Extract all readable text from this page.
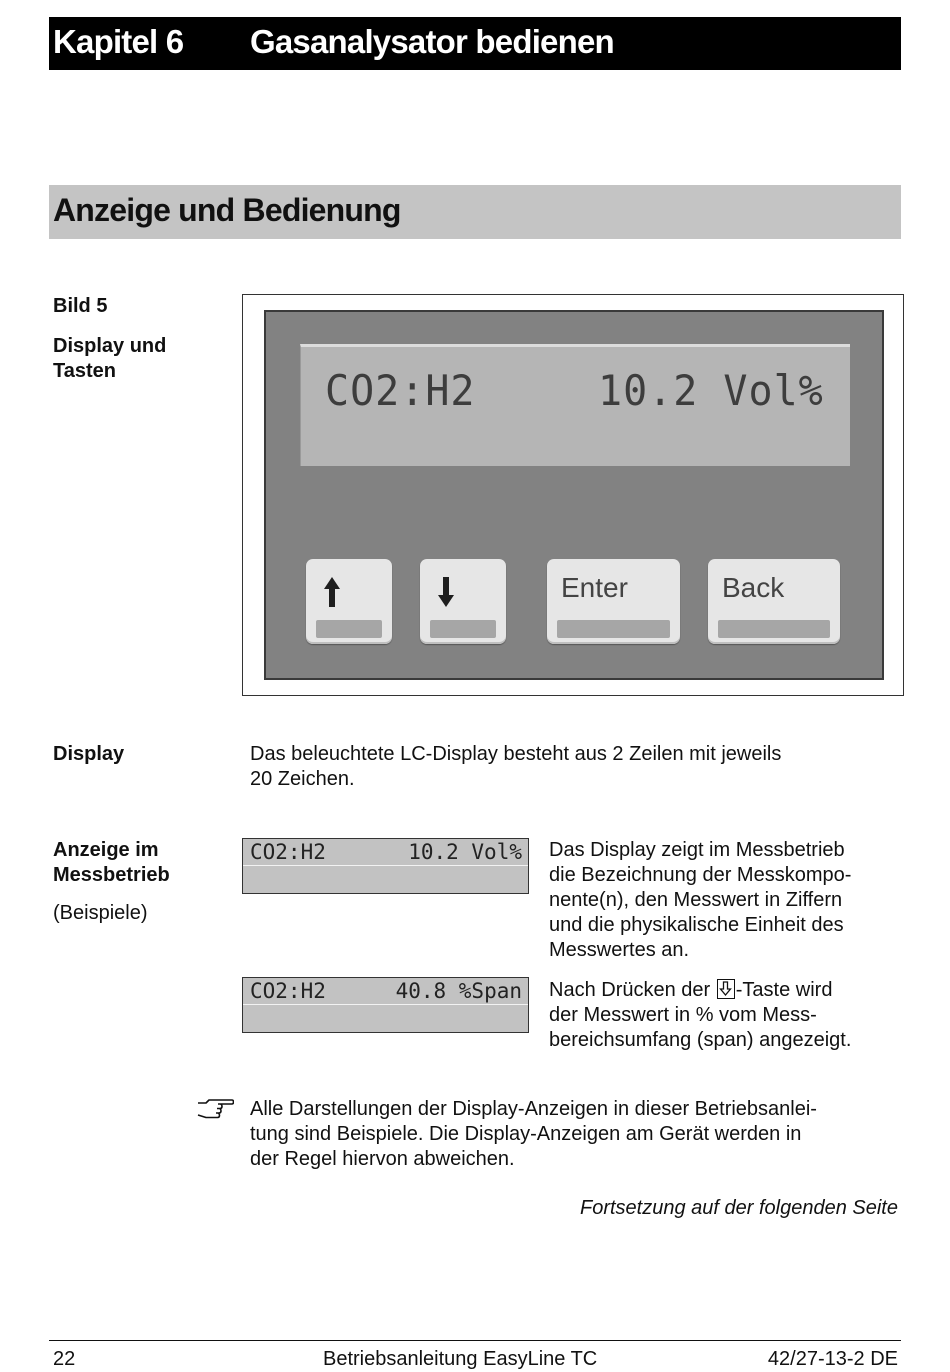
Kapitel 6 Gasanalysator bedienen
Anzeige und Bedienung
Bild 5
Display und
Tasten	CO2:H2	10.2 Vol%
Enter	Back
Display	Das beleuchtete LC-Display besteht aus 2 Zeilen mit jeweils
20 Zeichen.
Anzeige im
Messbetrieb
(Beispiele)
CO2:H2	10.2 Vol% Das Display zeigt im Messbetrieb
die Bezeichnung der Messkompo-
nente(n), den Messwert in Ziffern
und die physikalische Einheit des
Messwertes an.
CO2:H2	40.8 %Span Nach Drücken der
-Taste wird
der Messwert in % vom Mess-
bereichsumfang (span) angezeigt.
Alle Darstellungen der Display-Anzeigen in dieser Betriebsanlei-
tung sind Beispiele. Die Display-Anzeigen am Gerät werden in
der Regel hiervon abweichen.
Fortsetzung auf der folgenden Seite
22	Betriebsanleitung EasyLine TC	42/27-13-2 DE
